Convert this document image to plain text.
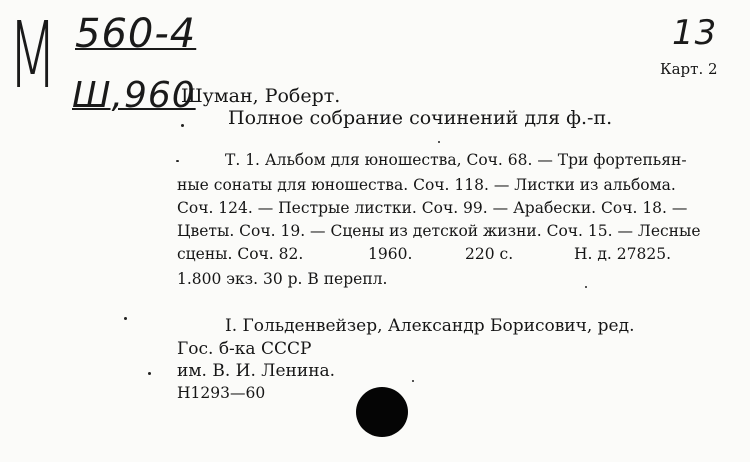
М 560-4
Ш,960
13
Карт. 2
Шуман, Роберт.
Полное собрание сочинений для ф.-п.
Т. 1. Альбом для юношества, Соч. 68. — Три фортепьян-
ные сонаты для юношества. Соч. 118. — Листки из альбома.
Соч. 124. — Пестрые листки. Соч. 99. — Арабески. Соч. 18. —
Цветы. Соч. 19. — Сцены из детской жизни. Соч. 15. — Лесные
сцены. Соч. 82.	1960.	220 с.	Н. д. 27825.
1.800 экз. 30 р. В перепл.
I. Гольденвейзер, Александр Борисович, ред.
Гос. б-ка СССР
им. В. И. Ленина.
Н1293—60
